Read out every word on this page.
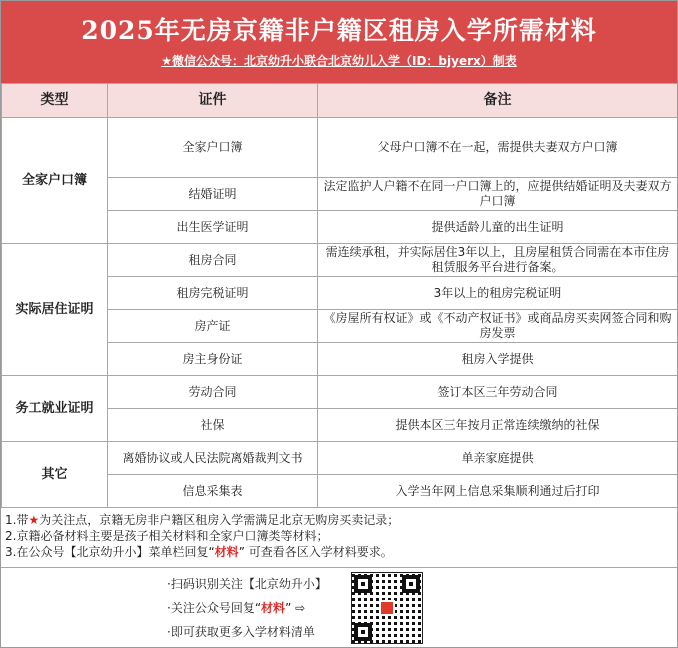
2025年无房京籍非户籍区租房入学所需材料
★微信公众号：北京幼升小联合北京幼儿入学（ID：bjyerx）制表
类型	证件	备注
全家户口簿	全家户口簿	父母户口簿不在一起，需提供夫妻双方户口簿
	结婚证明	法定监护人户籍不在同一户口簿上的，应提供结婚证明及夫妻双方户口簿
	出生医学证明	提供适龄儿童的出生证明
实际居住证明	租房合同	需连续承租，并实际居住3年以上，且房屋租赁合同需在本市住房租赁服务平台进行备案。
	租房完税证明	3年以上的租房完税证明
	房产证	《房屋所有权证》或《不动产权证书》或商品房买卖网签合同和购房发票
	房主身份证	租房入学提供
务工就业证明	劳动合同	签订本区三年劳动合同
	社保	提供本区三年按月正常连续缴纳的社保
其它	离婚协议或人民法院离婚裁判文书	单亲家庭提供
	信息采集表	入学当年网上信息采集顺利通过后打印
1.带★为关注点，京籍无房非户籍区租房入学需满足北京无购房买卖记录；
2.京籍必备材料主要是孩子相关材料和全家户口簿类等材料；
3.在公众号【北京幼升小】菜单栏回复“材料” 可查看各区入学材料要求。
·扫码识别关注【北京幼升小】
·关注公众号回复“材料” ⇨
·即可获取更多入学材料清单
